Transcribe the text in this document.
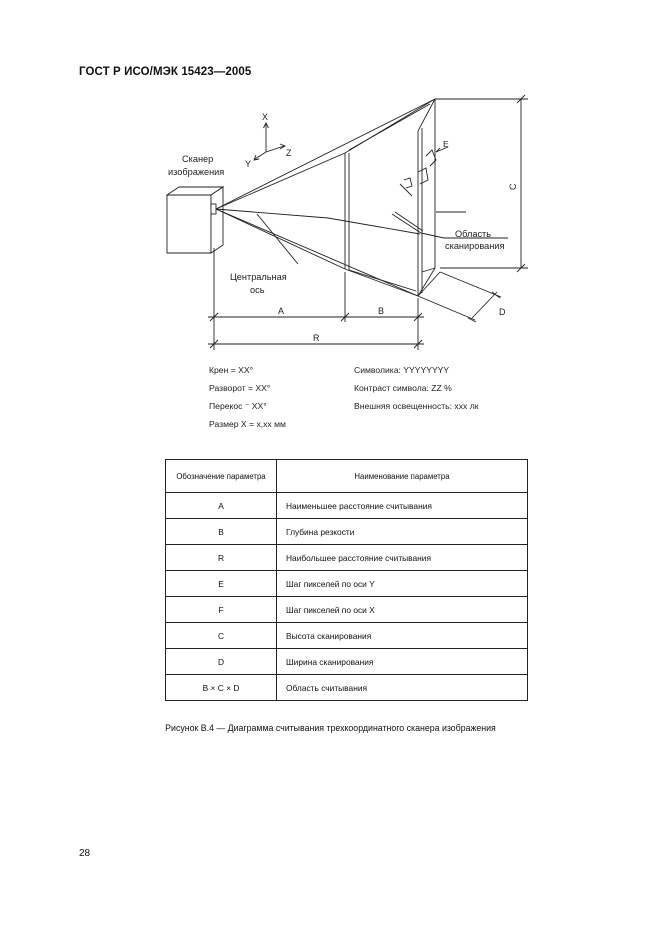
ГОСТ Р ИСО/МЭК 15423—2005
X
Z
Y
Сканер
изображения
Центральная
ось
Область
сканирования
E
C
D
A	B
R
Крен = XX°
Разворот = XX°
Перекос ⁻ XX°
Размер X = x,xx мм
Символика: YYYYYYYY
Контраст символа: ZZ %
Внешняя освещенность: xxx лк
Обозначение параметра	Наименование параметра
A	Наименьшее расстояние считывания
B	Глубина резкости
R	Наибольшее расстояние считывания
E	Шаг пикселей по оси Y
F	Шаг пикселей по оси X
C	Высота сканирования
D	Ширина сканирования
B × C × D	Область считывания
Рисунок B.4 — Диаграмма считывания трехкоординатного сканера изображения
28
